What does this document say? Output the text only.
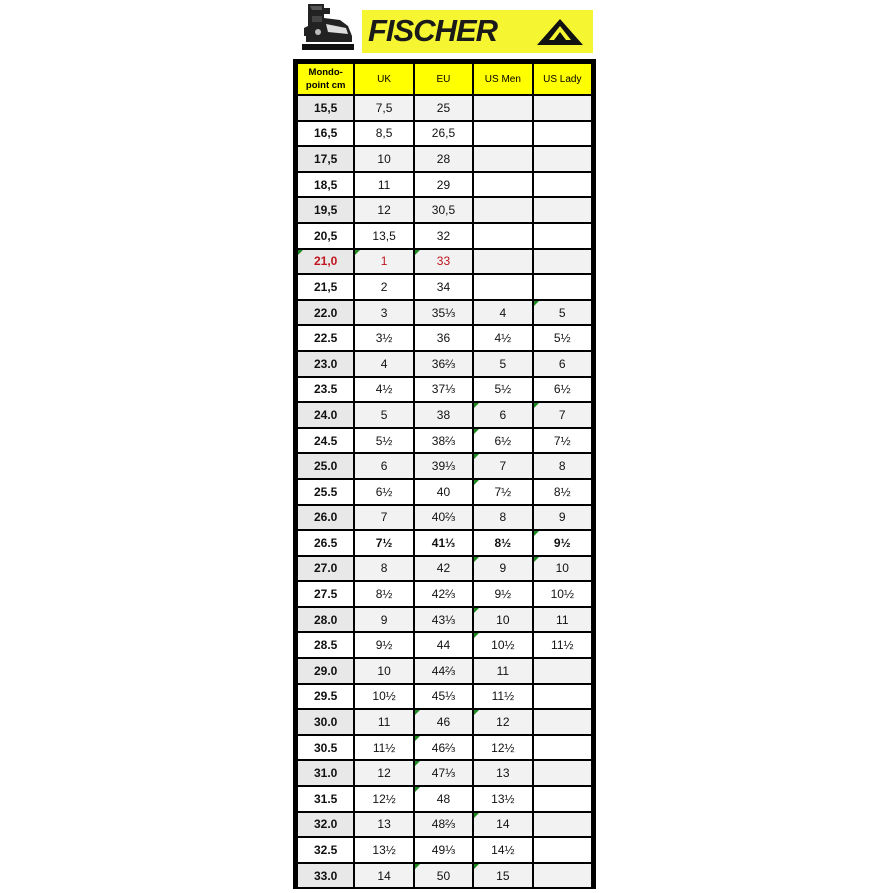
FISCHER
Mondo-
point cm	UK	EU	US Men	US Lady
15,5	7,5	25		
16,5	8,5	26,5		
17,5	10	28		
18,5	11	29		
19,5	12	30,5		
20,5	13,5	32		
21,0	1	33		
21,5	2	34		
22.0	3	35⅓	4	5
22.5	3½	36	4½	5½
23.0	4	36⅔	5	6
23.5	4½	37⅓	5½	6½
24.0	5	38	6	7
24.5	5½	38⅔	6½	7½
25.0	6	39⅓	7	8
25.5	6½	40	7½	8½
26.0	7	40⅔	8	9
26.5	7½	41⅓	8½	9½
27.0	8	42	9	10
27.5	8½	42⅔	9½	10½
28.0	9	43⅓	10	11
28.5	9½	44	10½	11½
29.0	10	44⅔	11	
29.5	10½	45⅓	11½	
30.0	11	46	12	
30.5	11½	46⅔	12½	
31.0	12	47⅓	13	
31.5	12½	48	13½	
32.0	13	48⅔	14	
32.5	13½	49⅓	14½	
33.0	14	50	15	
